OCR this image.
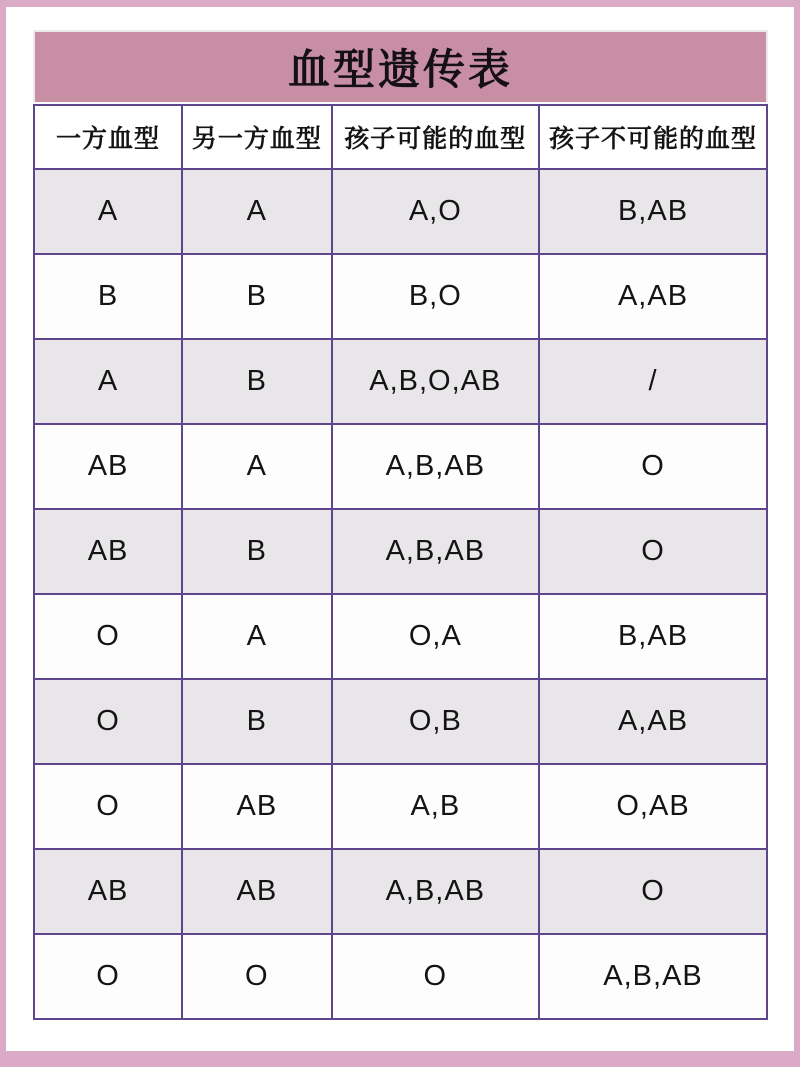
血型遗传表
一方血型	另一方血型	孩子可能的血型	孩子不可能的血型
A	A	A,O	B,AB
B	B	B,O	A,AB
A	B	A,B,O,AB	/
AB	A	A,B,AB	O
AB	B	A,B,AB	O
O	A	O,A	B,AB
O	B	O,B	A,AB
O	AB	A,B	O,AB
AB	AB	A,B,AB	O
O	O	O	A,B,AB
